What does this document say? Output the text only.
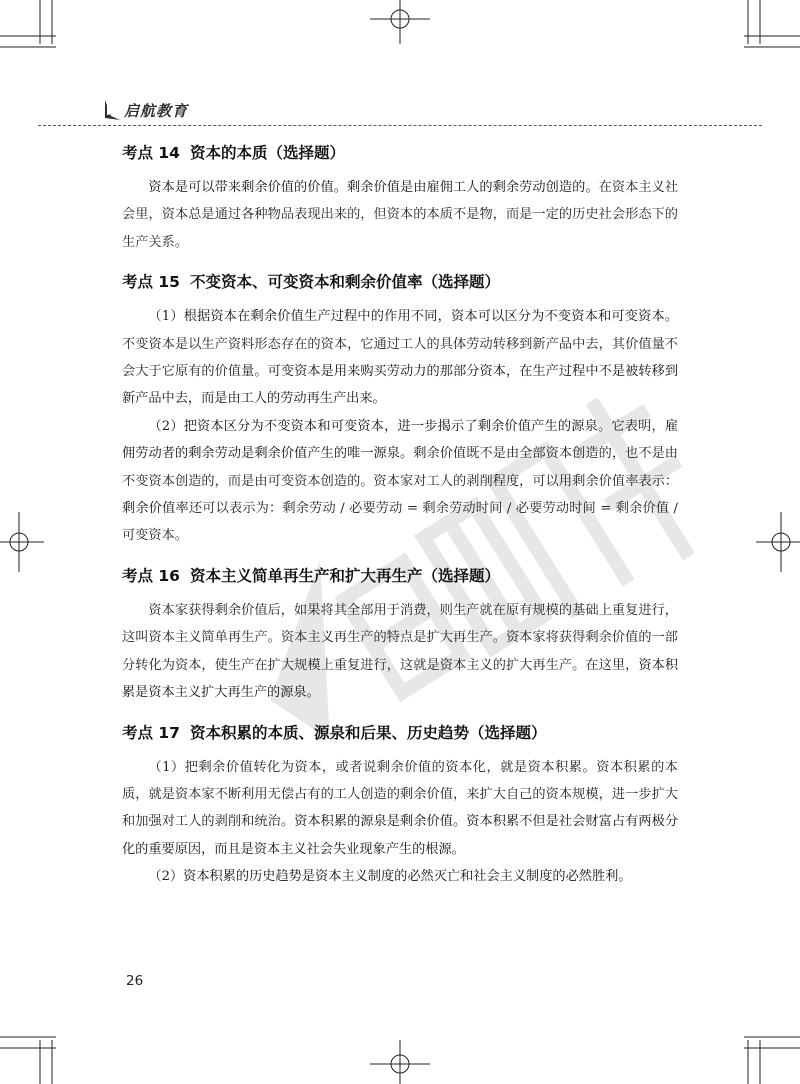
启航教育
考点 14 资本的本质（选择题）

资本是可以带来剩余价值的价值。剩余价值是由雇佣工人的剩余劳动创造的。在资本主义社会里，资本总是通过各种物品表现出来的，但资本的本质不是物，而是一定的历史社会形态下的生产关系。

考点 15 不变资本、可变资本和剩余价值率（选择题）

（1）根据资本在剩余价值生产过程中的作用不同，资本可以区分为不变资本和可变资本。不变资本是以生产资料形态存在的资本，它通过工人的具体劳动转移到新产品中去，其价值量不会大于它原有的价值量。可变资本是用来购买劳动力的那部分资本，在生产过程中不是被转移到新产品中去，而是由工人的劳动再生产出来。

（2）把资本区分为不变资本和可变资本，进一步揭示了剩余价值产生的源泉。它表明，雇佣劳动者的剩余劳动是剩余价值产生的唯一源泉。剩余价值既不是由全部资本创造的，也不是由不变资本创造的，而是由可变资本创造的。资本家对工人的剥削程度，可以用剩余价值率表示：剩余价值率还可以表示为：剩余劳动 / 必要劳动 = 剩余劳动时间 / 必要劳动时间 = 剩余价值 / 可变资本。

考点 16 资本主义简单再生产和扩大再生产（选择题）

资本家获得剩余价值后，如果将其全部用于消费，则生产就在原有规模的基础上重复进行，这叫资本主义简单再生产。资本主义再生产的特点是扩大再生产。资本家将获得剩余价值的一部分转化为资本，使生产在扩大规模上重复进行，这就是资本主义的扩大再生产。在这里，资本积累是资本主义扩大再生产的源泉。

考点 17 资本积累的本质、源泉和后果、历史趋势（选择题）

（1）把剩余价值转化为资本，或者说剩余价值的资本化，就是资本积累。资本积累的本质，就是资本家不断利用无偿占有的工人创造的剩余价值，来扩大自己的资本规模，进一步扩大和加强对工人的剥削和统治。资本积累的源泉是剩余价值。资本积累不但是社会财富占有两极分化的重要原因，而且是资本主义社会失业现象产生的根源。

（2）资本积累的历史趋势是资本主义制度的必然灭亡和社会主义制度的必然胜利。

26
